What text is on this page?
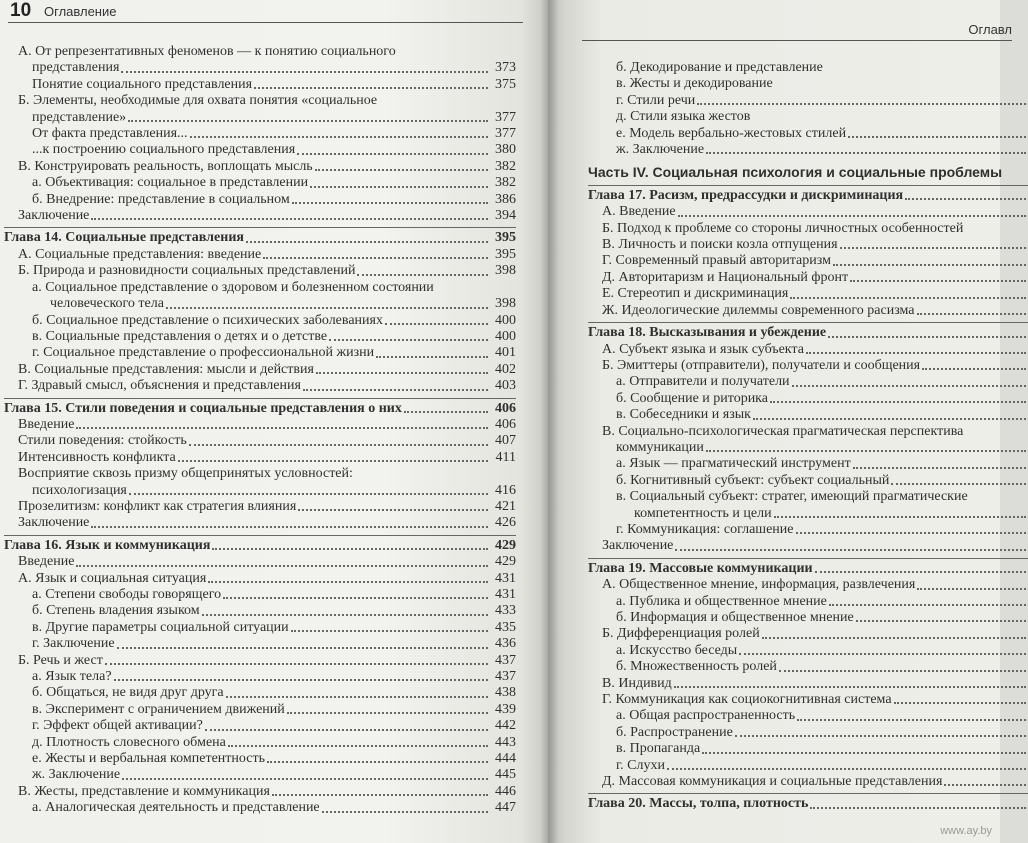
10 Оглавление
А. От репрезентативных феноменов — к понятию социального
представления	373
Понятие социального представления	375
Б. Элементы, необходимые для охвата понятия «социальное
представление»	377
От факта представления...	377
...к построению социального представления	380
В. Конструировать реальность, воплощать мысль	382
а. Объективация: социальное в представлении	382
б. Внедрение: представление в социальном	386
Заключение	394
Глава 14. Социальные представления	395
А. Социальные представления: введение	395
Б. Природа и разновидности социальных представлений	398
а. Социальное представление о здоровом и болезненном состоянии
человеческого тела	398
б. Социальное представление о психических заболеваниях	400
в. Социальные представления о детях и о детстве	400
г. Социальное представление о профессиональной жизни	401
В. Социальные представления: мысли и действия	402
Г. Здравый смысл, объяснения и представления	403
Глава 15. Стили поведения и социальные представления о них	406
Введение	406
Стили поведения: стойкость	407
Интенсивность конфликта	411
Восприятие сквозь призму общепринятых условностей:
психологизация	416
Прозелитизм: конфликт как стратегия влияния	421
Заключение	426
Глава 16. Язык и коммуникация	429
Введение	429
А. Язык и социальная ситуация	431
а. Степени свободы говорящего	431
б. Степень владения языком	433
в. Другие параметры социальной ситуации	435
г. Заключение	436
Б. Речь и жест	437
а. Язык тела?	437
б. Общаться, не видя друг друга	438
в. Эксперимент с ограничением движений	439
г. Эффект общей активации?	442
д. Плотность словесного обмена	443
е. Жесты и вербальная компетентность	444
ж. Заключение	445
В. Жесты, представление и коммуникация	446
а. Аналогическая деятельность и представление	447
Оглавл
б. Декодирование и представление
в. Жесты и декодирование
г. Стили речи
д. Стили языка жестов
е. Модель вербально-жестовых стилей
ж. Заключение
Часть IV. Социальная психология и социальные проблемы
Глава 17. Расизм, предрассудки и дискриминация
А. Введение
Б. Подход к проблеме со стороны личностных особенностей
В. Личность и поиски козла отпущения
Г. Современный правый авторитаризм
Д. Авторитаризм и Национальный фронт
Е. Стереотип и дискриминация
Ж. Идеологические дилеммы современного расизма
Глава 18. Высказывания и убеждение
А. Субъект языка и язык субъекта
Б. Эмиттеры (отправители), получатели и сообщения
а. Отправители и получатели
б. Сообщение и риторика
в. Собеседники и язык
В. Социально-психологическая прагматическая перспектива
коммуникации
а. Язык — прагматический инструмент
б. Когнитивный субъект: субъект социальный
в. Социальный субъект: стратег, имеющий прагматические
компетентность и цели
г. Коммуникация: соглашение
Заключение
Глава 19. Массовые коммуникации
А. Общественное мнение, информация, развлечения
а. Публика и общественное мнение
б. Информация и общественное мнение
Б. Дифференциация ролей
а. Искусство беседы
б. Множественность ролей
В. Индивид
Г. Коммуникация как социокогнитивная система
а. Общая распространенность
б. Распространение
в. Пропаганда
г. Слухи
Д. Массовая коммуникация и социальные представления
Глава 20. Массы, толпа, плотность
www.ay.by
